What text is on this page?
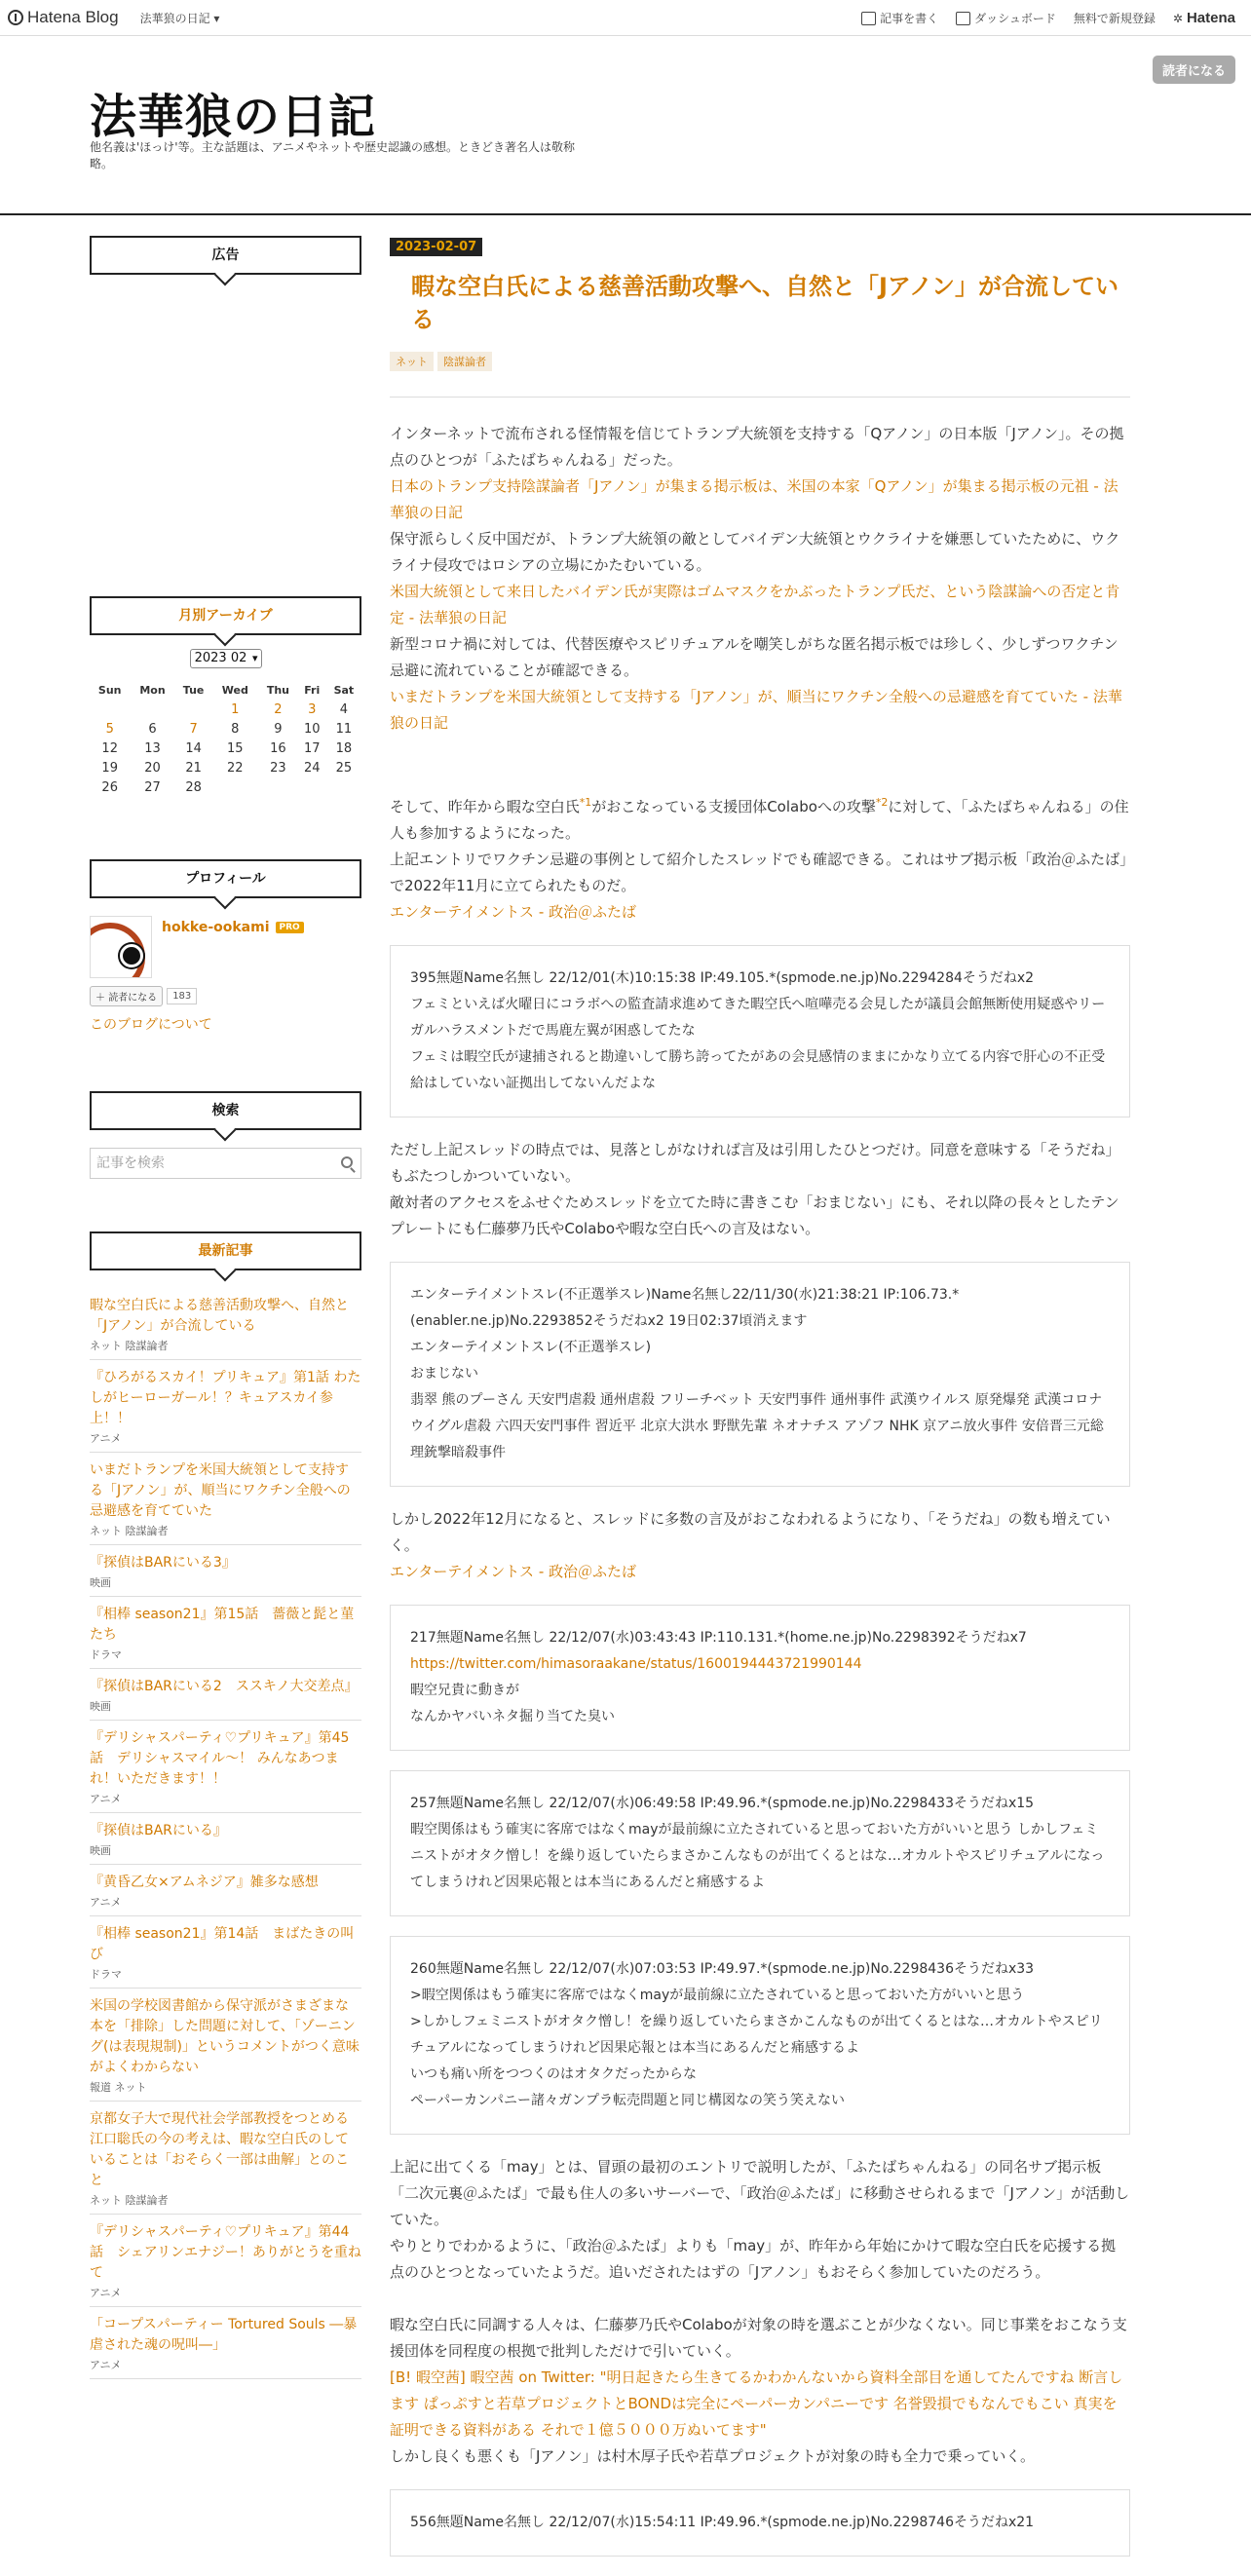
Hatena Blog 法華狼の日記 ▾	記事を書く	ダッシュボード 無料で新規登録 ✲ Hatena
法華狼の日記
他名義は'ほっけ'等。主な話題は、アニメやネットや歴史認識の感想。ときどき著名人は敬称略。
読者になる
広告
月別アーカイブ
2023 02 ▾
Sun	Mon	Tue	Wed	Thu	Fri	Sat
			1	2	3	4
5	6	7	8	9	10	11
12	13	14	15	16	17	18
19	20	21	22	23	24	25
26	27	28				
プロフィール
hokke-ookami PRO
＋ 読者になる	183
このブログについて
検索
記事を検索
最新記事
暇な空白氏による慈善活動攻撃へ、自然と「Jアノン」が合流している
ネット 陰謀論者
『ひろがるスカイ！プリキュア』第1話 わたしがヒーローガール！？キュアスカイ参上！！
アニメ
いまだトランプを米国大統領として支持する「Jアノン」が、順当にワクチン全般への忌避感を育てていた
ネット 陰謀論者
『探偵はBARにいる3』
映画
『相棒 season21』第15話　薔薇と髭と菫たち
ドラマ
『探偵はBARにいる2　ススキノ大交差点』
映画
『デリシャスパーティ♡プリキュア』第45話　デリシャスマイル～！ みんなあつまれ！いただきます！！
アニメ
『探偵はBARにいる』
映画
『黄昏乙女×アムネジア』雑多な感想
アニメ
『相棒 season21』第14話　まばたきの叫び
ドラマ
米国の学校図書館から保守派がさまざまな本を「排除」した問題に対して、「ゾーニング(は表現規制)」というコメントがつく意味がよくわからない
報道 ネット
京都女子大で現代社会学部教授をつとめる江口聡氏の今の考えは、暇な空白氏のしていることは「おそらく一部は曲解」とのこと
ネット 陰謀論者
『デリシャスパーティ♡プリキュア』第44話　シェアリンエナジー！ありがとうを重ねて
アニメ
「コープスパーティー Tortured Souls ―暴虐された魂の呪叫―」
アニメ
2023-02-07
暇な空白氏による慈善活動攻撃へ、自然と「Jアノン」が合流している
ネット	陰謀論者

インターネットで流布される怪情報を信じてトランプ大統領を支持する「Qアノン」の日本版「Jアノン」。その拠点のひとつが「ふたばちゃんねる」だった。

日本のトランプ支持陰謀論者「Jアノン」が集まる掲示板は、米国の本家「Qアノン」が集まる掲示板の元祖 - 法華狼の日記

保守派らしく反中国だが、トランプ大統領の敵としてバイデン大統領とウクライナを嫌悪していたために、ウクライナ侵攻ではロシアの立場にかたむいている。

米国大統領として来日したバイデン氏が実際はゴムマスクをかぶったトランプ氏だ、という陰謀論への否定と肯定 - 法華狼の日記

新型コロナ禍に対しては、代替医療やスピリチュアルを嘲笑しがちな匿名掲示板では珍しく、少しずつワクチン忌避に流れていることが確認できる。

いまだトランプを米国大統領として支持する「Jアノン」が、順当にワクチン全般への忌避感を育てていた - 法華狼の日記

そして、昨年から暇な空白氏$^{*1}$がおこなっている支援団体Colaboへの攻撃$^{*2}$に対して、「ふたばちゃんねる」の住人も参加するようになった。

上記エントリでワクチン忌避の事例として紹介したスレッドでも確認できる。これはサブ掲示板「政治＠ふたば」で2022年11月に立てられたものだ。

エンターテイメントス - 政治＠ふたば

395無題Name名無し 22/12/01(木)10:15:38 IP:49.105.*(spmode.ne.jp)No.2294284そうだねx2
フェミといえば火曜日にコラボへの監査請求進めてきた暇空氏へ喧嘩売る会見したが議員会館無断使用疑惑やリーガルハラスメントだで馬鹿左翼が困惑してたな
フェミは暇空氏が逮捕されると勘違いして勝ち誇ってたがあの会見感情のままにかなり立てる内容で肝心の不正受給はしていない証拠出してないんだよな

ただし上記スレッドの時点では、見落としがなければ言及は引用したひとつだけ。同意を意味する「そうだね」もぶたつしかついていない。

敵対者のアクセスをふせぐためスレッドを立てた時に書きこむ「おまじない」にも、それ以降の長々としたテンプレートにも仁藤夢乃氏やColaboや暇な空白氏への言及はない。

エンターテイメントスレ(不正選挙スレ)Name名無し22/11/30(水)21:38:21 IP:106.73.*(enabler.ne.jp)No.2293852そうだねx2 19日02:37頃消えます
エンターテイメントスレ(不正選挙スレ)
おまじない
翡翠 熊のプーさん 天安門虐殺 通州虐殺 フリーチベット 天安門事件 通州事件 武漢ウイルス 原発爆発 武漢コロナ ウイグル虐殺 六四天安門事件 習近平 北京大洪水 野獣先輩 ネオナチス アゾフ NHK 京アニ放火事件 安倍晋三元総理銃撃暗殺事件

しかし2022年12月になると、スレッドに多数の言及がおこなわれるようになり、「そうだね」の数も増えていく。

エンターテイメントス - 政治＠ふたば

217無題Name名無し 22/12/07(水)03:43:43 IP:110.131.*(home.ne.jp)No.2298392そうだねx7
https://twitter.com/himasoraakane/status/1600194443721990144
暇空兄貴に動きが
なんかヤバいネタ掘り当てた臭い
257無題Name名無し 22/12/07(水)06:49:58 IP:49.96.*(spmode.ne.jp)No.2298433そうだねx15
暇空関係はもう確実に客席ではなくmayが最前線に立たされていると思っておいた方がいいと思う しかしフェミニストがオタク憎し！を繰り返していたらまさかこんなものが出てくるとはな…オカルトやスピリチュアルになってしまうけれど因果応報とは本当にあるんだと痛感するよ
260無題Name名無し 22/12/07(水)07:03:53 IP:49.97.*(spmode.ne.jp)No.2298436そうだねx33
>暇空関係はもう確実に客席ではなくmayが最前線に立たされていると思っておいた方がいいと思う
>しかしフェミニストがオタク憎し！を繰り返していたらまさかこんなものが出てくるとはな…オカルトやスピリチュアルになってしまうけれど因果応報とは本当にあるんだと痛感するよ
いつも痛い所をつつくのはオタクだったからな
ペーパーカンパニー諸々ガンプラ転売問題と同じ構図なの笑う笑えない

上記に出てくる「may」とは、冒頭の最初のエントリで説明したが、「ふたばちゃんねる」の同名サブ掲示板「二次元裏＠ふたば」で最も住人の多いサーバーで、「政治＠ふたば」に移動させられるまで「Jアノン」が活動していた。

やりとりでわかるように、「政治＠ふたば」よりも「may」が、昨年から年始にかけて暇な空白氏を応援する拠点のひとつとなっていたようだ。追いだされたはずの「Jアノン」もおそらく参加していたのだろう。

暇な空白氏に同調する人々は、仁藤夢乃氏やColaboが対象の時を選ぶことが少なくない。同じ事業をおこなう支援団体を同程度の根拠で批判しただけで引いていく。

[B! 暇空茜] 暇空茜 on Twitter: "明日起きたら生きてるかわかんないから資料全部目を通してたんですね 断言します ぱっぷすと若草プロジェクトとBONDは完全にペーパーカンパニーです 名誉毀損でもなんでもこい 真実を証明できる資料がある それで１億５０００万ぬいてます"

しかし良くも悪くも「Jアノン」は村木厚子氏や若草プロジェクトが対象の時も全力で乗っていく。

556無題Name名無し 22/12/07(水)15:54:11 IP:49.96.*(spmode.ne.jp)No.2298746そうだねx21
